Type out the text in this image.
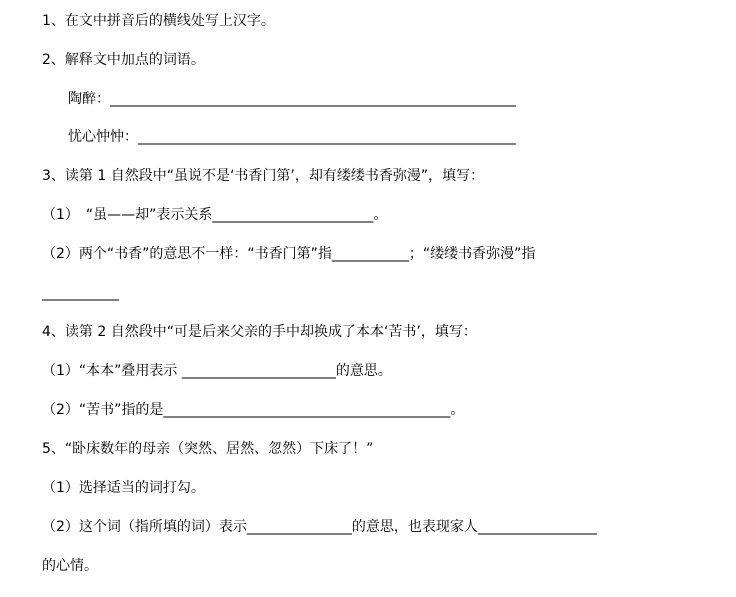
1、在文中拼音后的横线处写上汉字。
2、解释文中加点的词语。
陶醉：__________________________________________________________
忧心忡忡：______________________________________________________
3、读第 1 自然段中“虽说不是‘书香门第’，却有缕缕书香弥漫”，填写：
（1）　“虽——却”表示关系_______________________。
（2）两个“书香”的意思不一样：“书香门第”指___________；“缕缕书香弥漫”指
___________
4、读第 2 自然段中“可是后来父亲的手中却换成了本本‘苦书’，填写：
（1）“本本”叠用表示 ______________________的意思。
（2）“苦书”指的是_________________________________________。
5、“卧床数年的母亲（突然、居然、忽然）下床了！”
（1）选择适当的词打勾。
（2）这个词（指所填的词）表示_______________的意思，也表现家人_________________
的心情。
